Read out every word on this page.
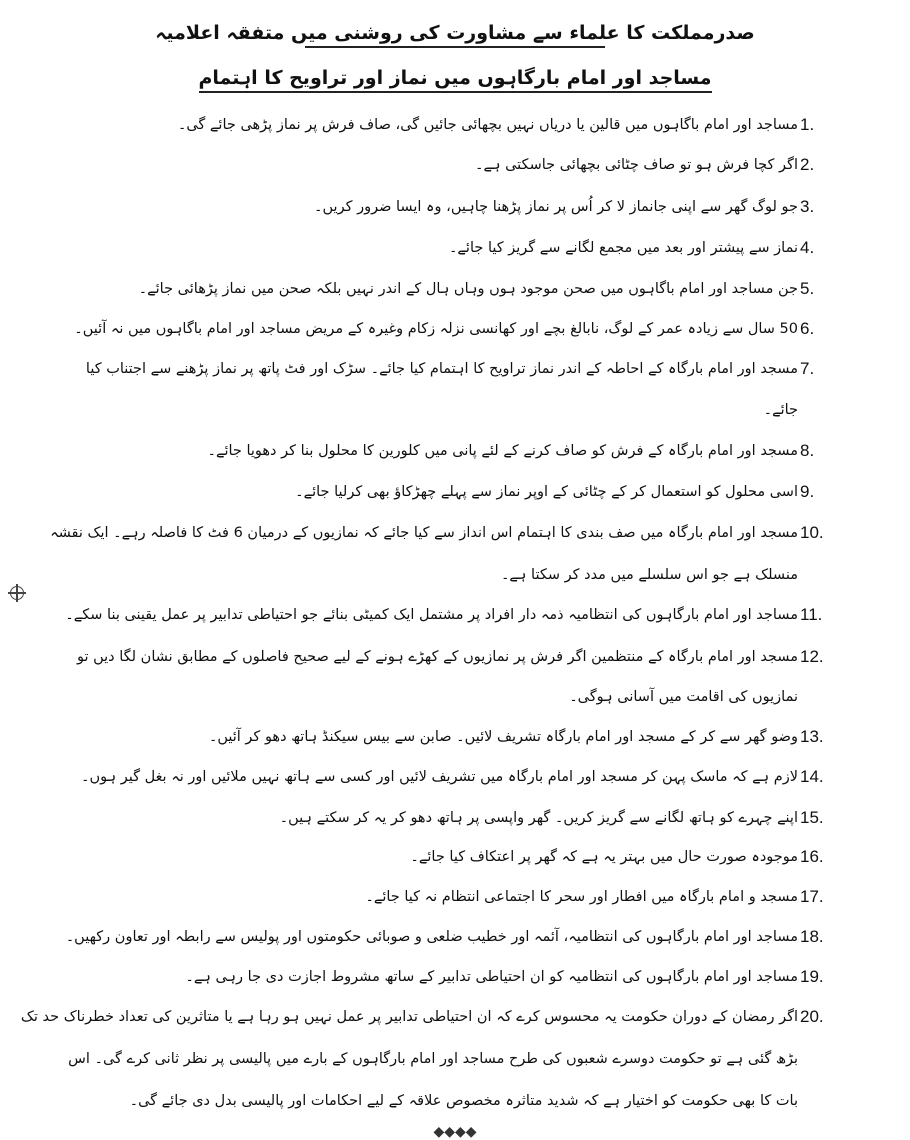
صدرمملکت کا علماء سے مشاورت کی روشنی میں متفقہ اعلامیہ
مساجد اور امام بارگاہوں میں نماز اور تراویح کا اہتمام
1.
مساجد اور امام باگاہوں میں قالین یا دریاں نہیں بچھائی جائیں گی، صاف فرش پر نماز پڑھی جائے گی۔
2.
اگر کچا فرش ہو تو صاف چٹائی بچھائی جاسکتی ہے۔
3.
جو لوگ گھر سے اپنی جانماز لا کر اُس پر نماز پڑھنا چاہیں، وہ ایسا ضرور کریں۔
4.
نماز سے پیشتر اور بعد میں مجمع لگانے سے گریز کیا جائے۔
5.
جن مساجد اور امام باگاہوں میں صحن موجود ہوں وہاں ہال کے اندر نہیں بلکہ صحن میں نماز پڑھائی جائے۔
6.
50 سال سے زیادہ عمر کے لوگ، نابالغ بچے اور کھانسی نزلہ زکام وغیرہ کے مریض مساجد اور امام باگاہوں میں نہ آئیں۔
7.
مسجد اور امام بارگاہ کے احاطہ کے اندر نماز تراویح کا اہتمام کیا جائے۔ سڑک اور فٹ پاتھ پر نماز پڑھنے سے اجتناب کیا
جائے۔
8.
مسجد اور امام بارگاہ کے فرش کو صاف کرنے کے لئے پانی میں کلورین کا محلول بنا کر دھویا جائے۔
9.
اسی محلول کو استعمال کر کے چٹائی کے اوپر نماز سے پہلے چھڑکاؤ بھی کرلیا جائے۔
10.
مسجد اور امام بارگاہ میں صف بندی کا اہتمام اس انداز سے کیا جائے کہ نمازیوں کے درمیان 6 فٹ کا فاصلہ رہے۔ ایک نقشہ
منسلک ہے جو اس سلسلے میں مدد کر سکتا ہے۔
11.
مساجد اور امام بارگاہوں کی انتظامیہ ذمہ دار افراد پر مشتمل ایک کمیٹی بنائے جو احتیاطی تدابیر پر عمل یقینی بنا سکے۔
12.
مسجد اور امام بارگاہ کے منتظمین اگر فرش پر نمازیوں کے کھڑے ہونے کے لیے صحیح فاصلوں کے مطابق نشان لگا دیں تو
نمازیوں کی اقامت میں آسانی ہوگی۔
13.
وضو گھر سے کر کے مسجد اور امام بارگاہ تشریف لائیں۔ صابن سے بیس سیکنڈ ہاتھ دھو کر آئیں۔
14.
لازم ہے کہ ماسک پہن کر مسجد اور امام بارگاہ میں تشریف لائیں اور کسی سے ہاتھ نہیں ملائیں اور نہ بغل گیر ہوں۔
15.
اپنے چہرے کو ہاتھ لگانے سے گریز کریں۔ گھر واپسی پر ہاتھ دھو کر یہ کر سکتے ہیں۔
16.
موجودہ صورت حال میں بہتر یہ ہے کہ گھر پر اعتکاف کیا جائے۔
17.
مسجد و امام بارگاہ میں افطار اور سحر کا اجتماعی انتظام نہ کیا جائے۔
18.
مساجد اور امام بارگاہوں کی انتظامیہ، آئمہ اور خطیب ضلعی و صوبائی حکومتوں اور پولیس سے رابطہ اور تعاون رکھیں۔
19.
مساجد اور امام بارگاہوں کی انتظامیہ کو ان احتیاطی تدابیر کے ساتھ مشروط اجازت دی جا رہی ہے۔
20.
اگر رمضان کے دوران حکومت یہ محسوس کرے کہ ان احتیاطی تدابیر پر عمل نہیں ہو رہا ہے یا متاثرین کی تعداد خطرناک حد تک
بڑھ گئی ہے تو حکومت دوسرے شعبوں کی طرح مساجد اور امام بارگاہوں کے بارے میں پالیسی پر نظر ثانی کرے گی۔ اس
بات کا بھی حکومت کو اختیار ہے کہ شدید متاثرہ مخصوص علاقہ کے لیے احکامات اور پالیسی بدل دی جائے گی۔
◆◆◆◆
